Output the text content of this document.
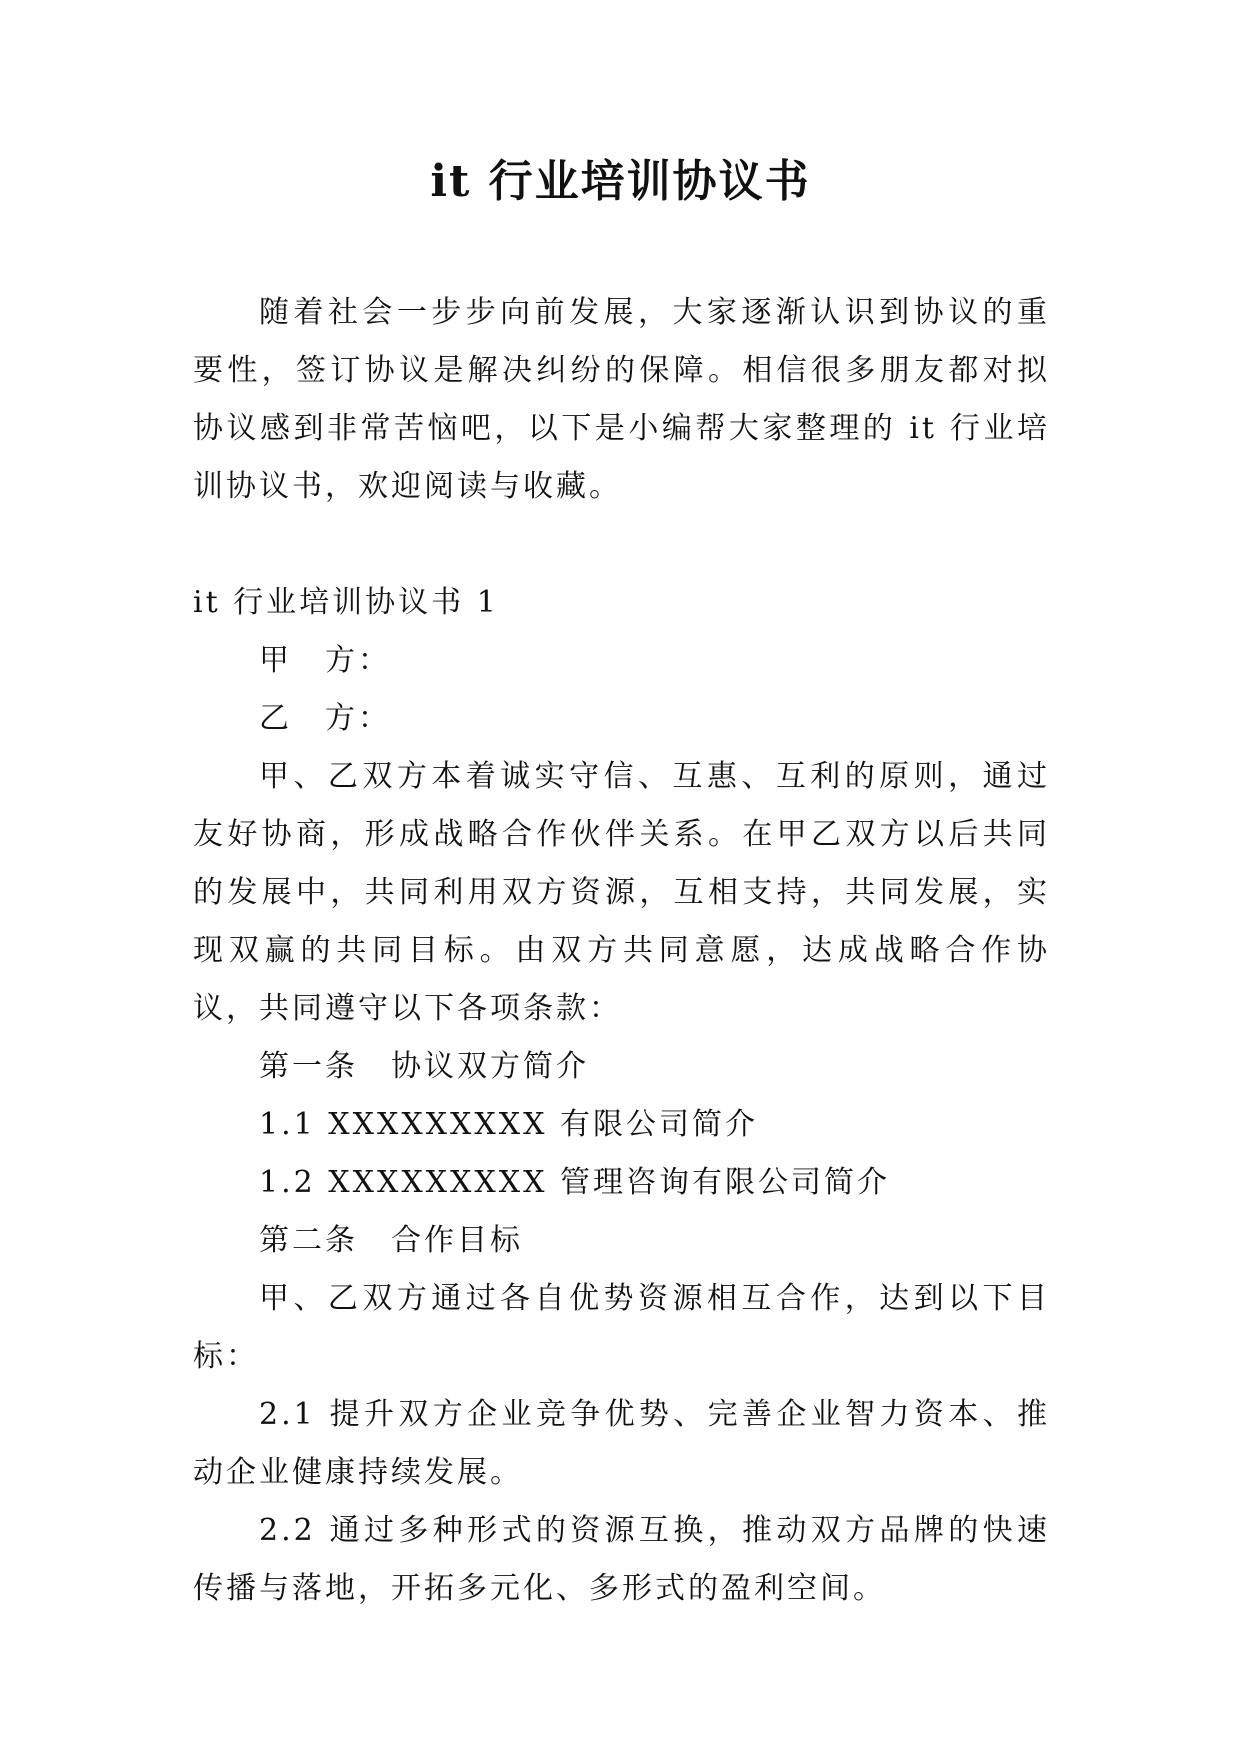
it 行业培训协议书

随着社会一步步向前发展，大家逐渐认识到协议的重要性，签订协议是解决纠纷的保障。相信很多朋友都对拟协议感到非常苦恼吧，以下是小编帮大家整理的 it 行业培训协议书，欢迎阅读与收藏。

it 行业培训协议书 1

甲　方：

乙　方：

甲、乙双方本着诚实守信、互惠、互利的原则，通过友好协商，形成战略合作伙伴关系。在甲乙双方以后共同的发展中，共同利用双方资源，互相支持，共同发展，实现双赢的共同目标。由双方共同意愿，达成战略合作协议，共同遵守以下各项条款：

第一条　协议双方简介

1.1 XXXXXXXXX 有限公司简介

1.2 XXXXXXXXX 管理咨询有限公司简介

第二条　合作目标

甲、乙双方通过各自优势资源相互合作，达到以下目标：

2.1 提升双方企业竞争优势、完善企业智力资本、推动企业健康持续发展。

2.2 通过多种形式的资源互换，推动双方品牌的快速传播与落地，开拓多元化、多形式的盈利空间。
